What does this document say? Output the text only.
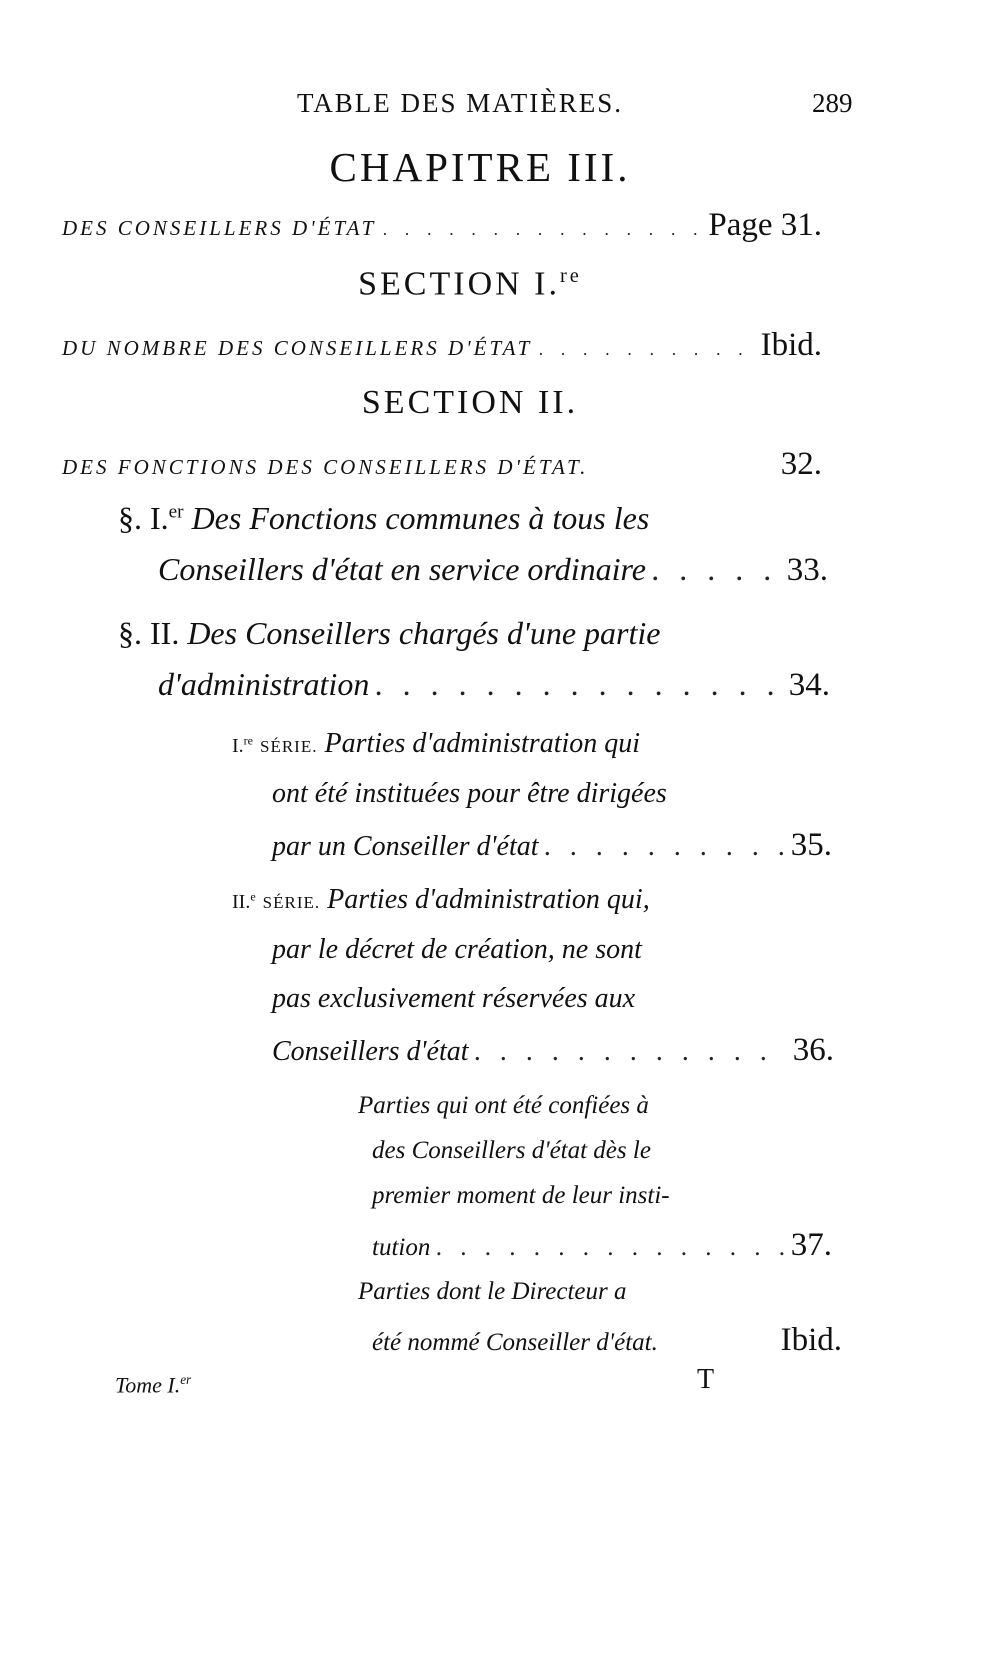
TABLE DES MATIÈRES.	289
CHAPITRE III.
DES CONSEILLERS D'ÉTAT . . .	Page 31.
SECTION I.$^{re}$
DU NOMBRE DES CONSEILLERS D'ÉTAT . . .	Ibid.
SECTION II.
DES FONCTIONS DES CONSEILLERS D'ÉTAT.	32.
§. I.$^{er}$ Des Fonctions communes à tous les
Conseillers d'état en service ordinaire . . .	33.
§. II. Des Conseillers chargés d'une partie
d'administration . . .	34.
I.$^{re}$ SÉRIE. Parties d'administration qui
ont été instituées pour être dirigées
par un Conseiller d'état . . .	35.
II.$^e$ SÉRIE. Parties d'administration qui,
par le décret de création, ne sont
pas exclusivement réservées aux
Conseillers d'état . . .	36.
Parties qui ont été confiées à
des Conseillers d'état dès le
premier moment de leur insti-
tution . . .	37.
Parties dont le Directeur a
été nommé Conseiller d'état.	Ibid.
Tome I.$^{er}$	T
